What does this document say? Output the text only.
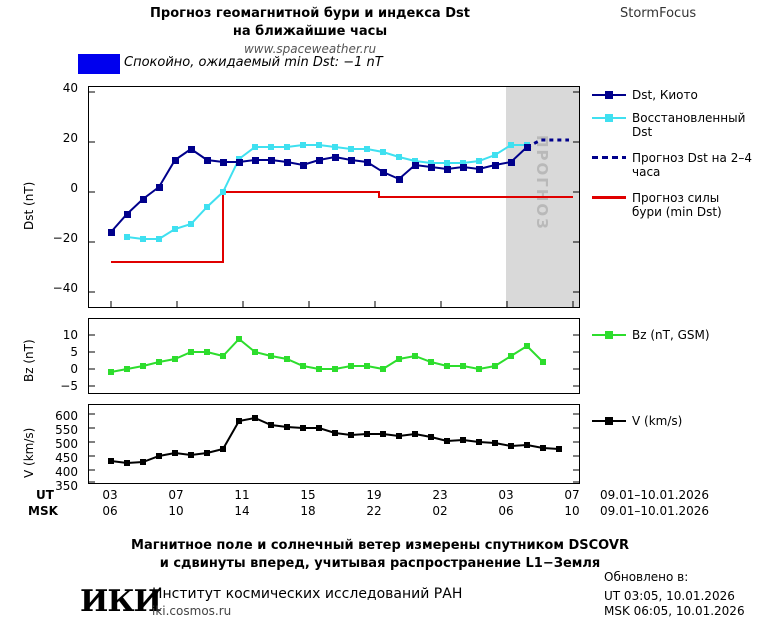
Прогноз геомагнитной бури и индекса Dst
на ближайшие часы
www.spaceweather.ru
StormFocus
Спокойно, ожидаемый min Dst: −1 nT
Dst (nT)
40
20
0
−20
−40
ПРОГНОЗ
Dst, Киото
Восстановленный Dst
Прогноз Dst на 2–4 часа
Прогноз силы бури (min Dst)
Bz (nT)
10
5
0
−5
Bz (nT, GSM)
V (km/s)
600
550
500
450
400
350
V (km/s)
UT
MSK
03	07	11	15	19	23	03	07
06	10	14	18	22	02	06	10
09.01–10.01.2026
09.01–10.01.2026
Магнитное поле и солнечный ветер измерены спутником DSCOVR
и сдвинуты вперед, учитывая распространение L1−Земля
ИКИ
Институт космических исследований РАН
iki.cosmos.ru
Обновлено в:
UT 03:05, 10.01.2026
MSK 06:05, 10.01.2026
